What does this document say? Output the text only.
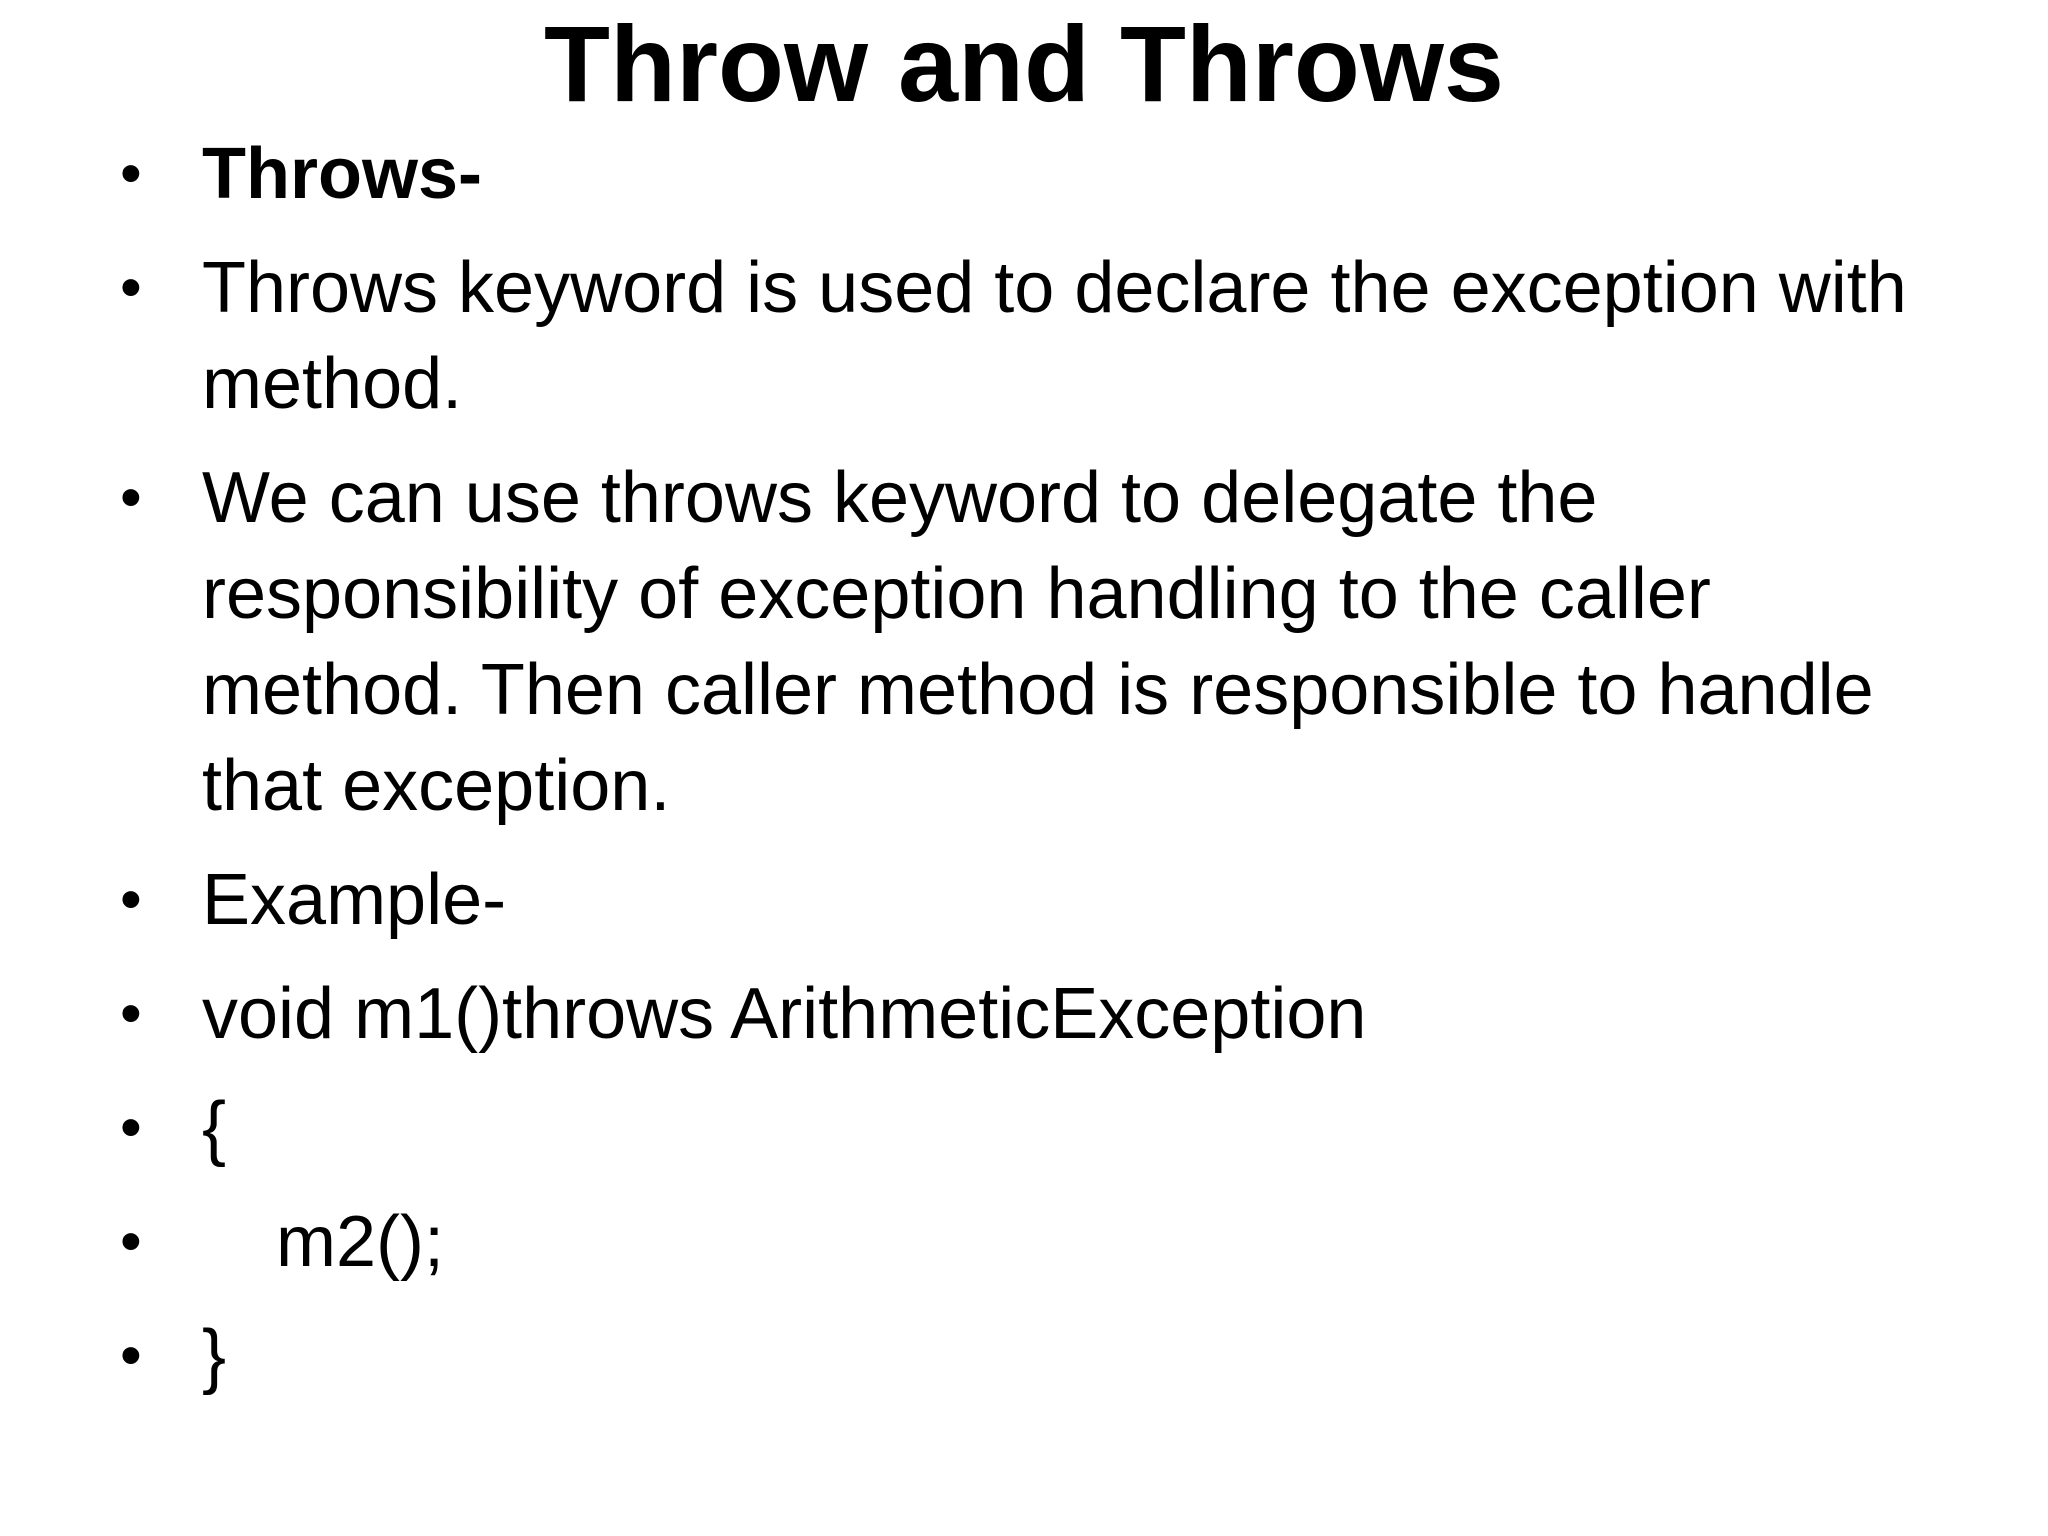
Throw and Throws
• Throws-
• Throws keyword is used to declare the exception with method.
• We can use throws keyword to delegate the responsibility of exception handling to the caller method. Then caller method is responsible to handle that exception.
• Example-
• void m1()throws ArithmeticException
• {
•	m2();
• }
